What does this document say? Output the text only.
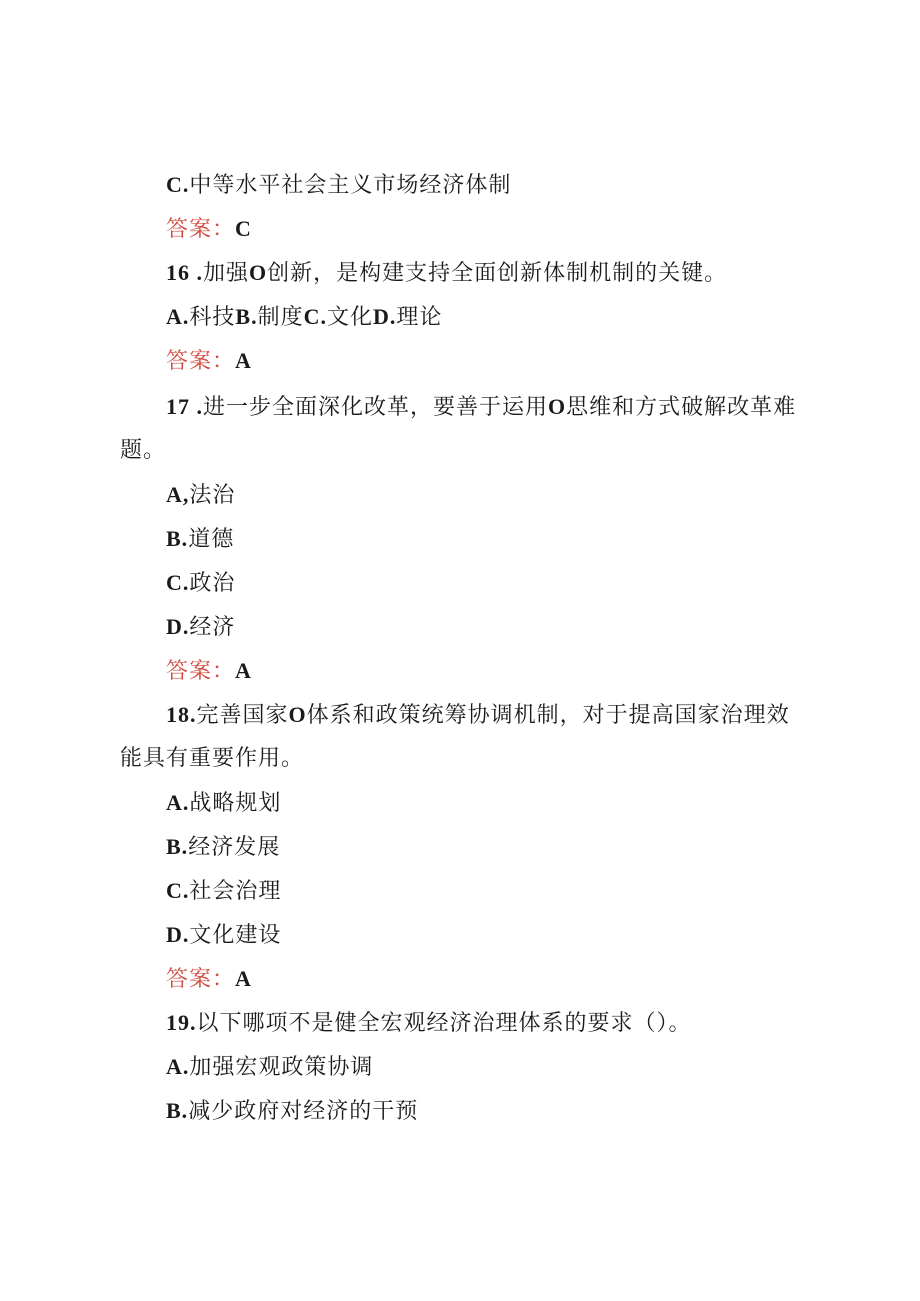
C.中等水平社会主义市场经济体制
答案：C
16 .加强O创新，是构建支持全面创新体制机制的关键。
A.科技B.制度C.文化D.理论
答案：A
17 .进一步全面深化改革，要善于运用O思维和方式破解改革难
题。
A,法治
B.道德
C.政治
D.经济
答案：A
18.完善国家O体系和政策统筹协调机制，对于提高国家治理效
能具有重要作用。
A.战略规划
B.经济发展
C.社会治理
D.文化建设
答案：A
19.以下哪项不是健全宏观经济治理体系的要求（）。
A.加强宏观政策协调
B.减少政府对经济的干预
